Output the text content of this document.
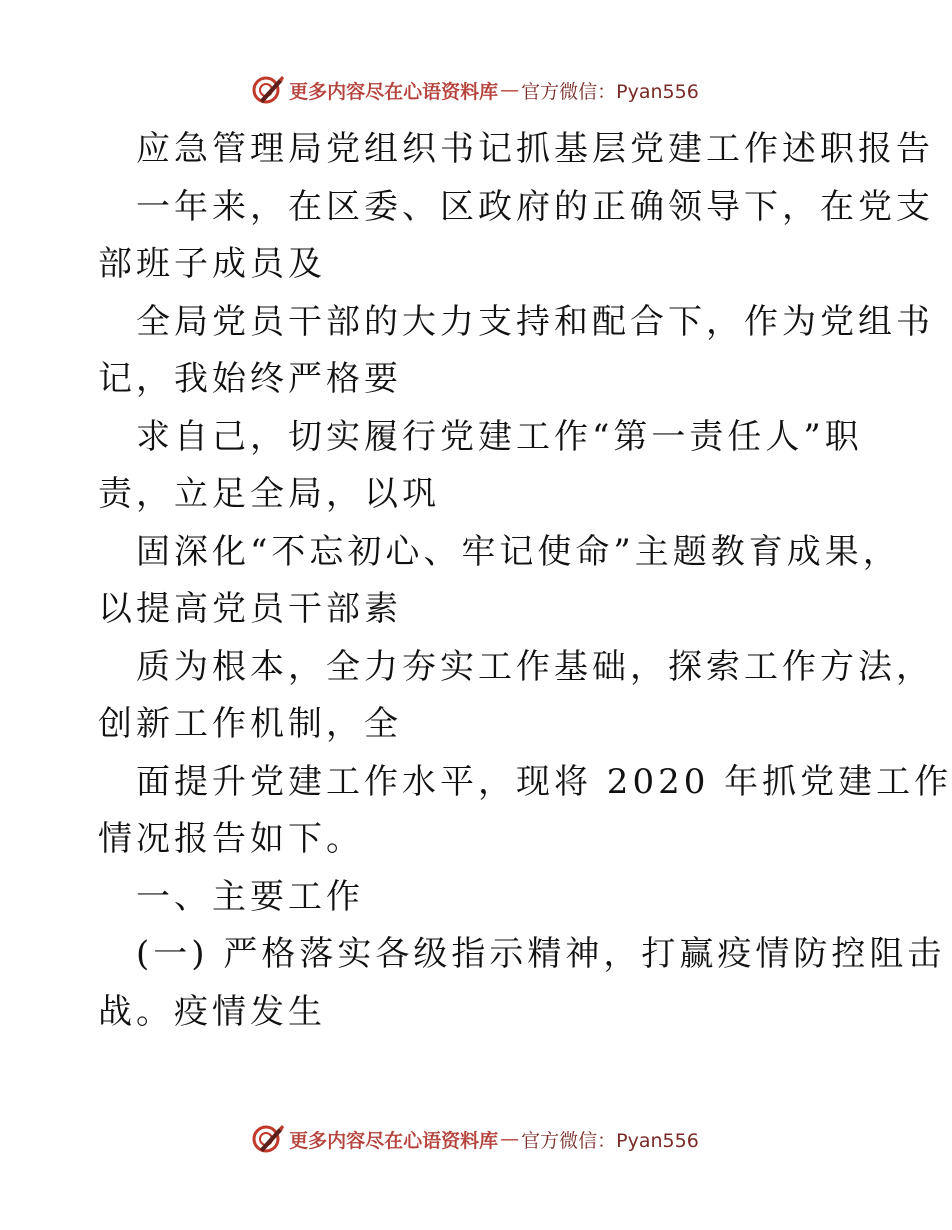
更多内容尽在心语资料库 — 官方微信：Pyan556
应急管理局党组织书记抓基层党建工作述职报告
一年来，在区委、区政府的正确领导下，在党支
部班子成员及
全局党员干部的大力支持和配合下，作为党组书
记，我始终严格要
求自己，切实履行党建工作“第一责任人”职
责，立足全局，以巩
固深化“不忘初心、牢记使命”主题教育成果，
以提高党员干部素
质为根本，全力夯实工作基础，探索工作方法，
创新工作机制，全
面提升党建工作水平，现将 2020 年抓党建工作
情况报告如下。
一、主要工作
(一) 严格落实各级指示精神，打赢疫情防控阻击
战。疫情发生
更多内容尽在心语资料库 — 官方微信：Pyan556
